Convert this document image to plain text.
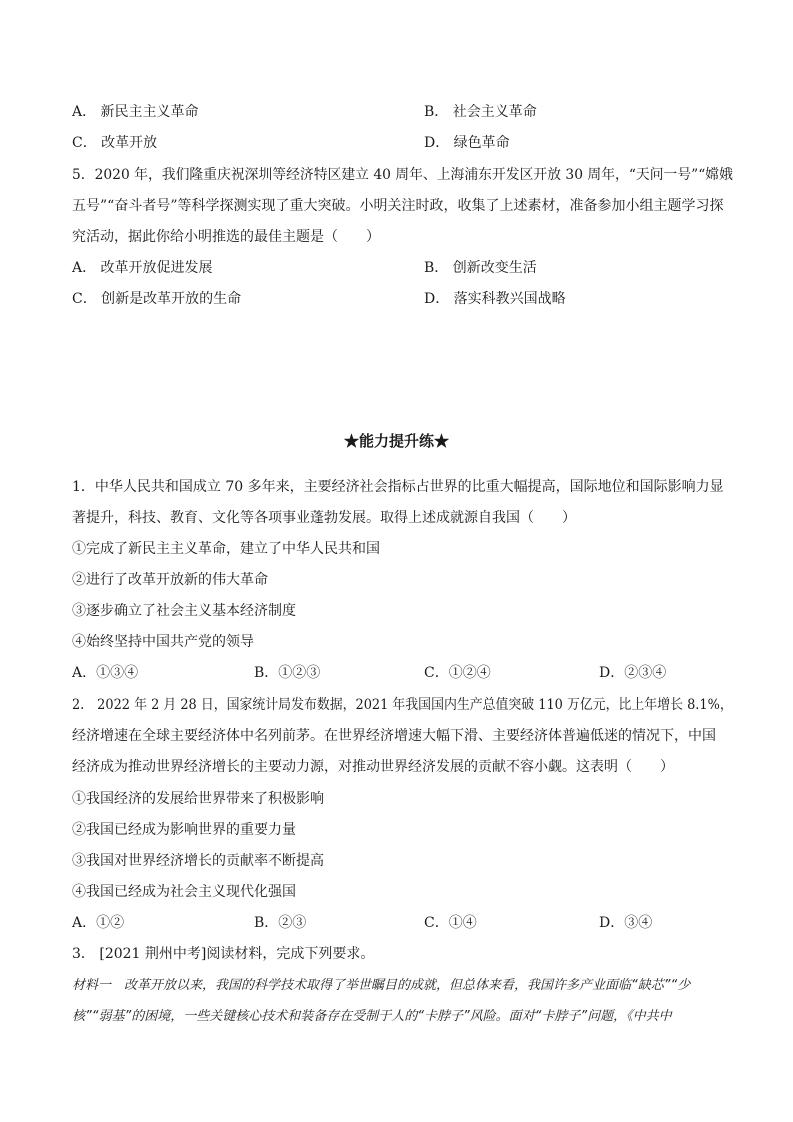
A． 新民主主义革命	B． 社会主义革命
C． 改革开放	D． 绿色革命
5．2020 年，我们隆重庆祝深圳等经济特区建立 40 周年、上海浦东开发区开放 30 周年，“天问一号”“嫦娥
五号”“奋斗者号”等科学探测实现了重大突破。小明关注时政，收集了上述素材，准备参加小组主题学习探
究活动，据此你给小明推选的最佳主题是（　　）
A． 改革开放促进发展	B． 创新改变生活
C． 创新是改革开放的生命	D． 落实科教兴国战略
★能力提升练★
1．中华人民共和国成立 70 多年来，主要经济社会指标占世界的比重大幅提高，国际地位和国际影响力显
著提升，科技、教育、文化等各项事业蓬勃发展。取得上述成就源自我国（　　）
①完成了新民主主义革命，建立了中华人民共和国
②进行了改革开放新的伟大革命
③逐步确立了社会主义基本经济制度
④始终坚持中国共产党的领导
A．①③④	B．①②③	C．①②④	D．②③④
2． 2022 年 2 月 28 日，国家统计局发布数据，2021 年我国国内生产总值突破 110 万亿元，比上年增长 8.1%，
经济增速在全球主要经济体中名列前茅。在世界经济增速大幅下滑、主要经济体普遍低迷的情况下，中国
经济成为推动世界经济增长的主要动力源，对推动世界经济发展的贡献不容小觑。这表明（　　）
①我国经济的发展给世界带来了积极影响
②我国已经成为影响世界的重要力量
③我国对世界经济增长的贡献率不断提高
④我国已经成为社会主义现代化强国
A．①②	B．②③	C．①④	D．③④
3． [2021 荆州中考]阅读材料，完成下列要求。
材料一　改革开放以来，我国的科学技术取得了举世瞩目的成就，但总体来看，我国许多产业面临“缺芯”“少
核”“弱基”的困境，一些关键核心技术和装备存在受制于人的“卡脖子”风险。面对“卡脖子”问题，《中共中
